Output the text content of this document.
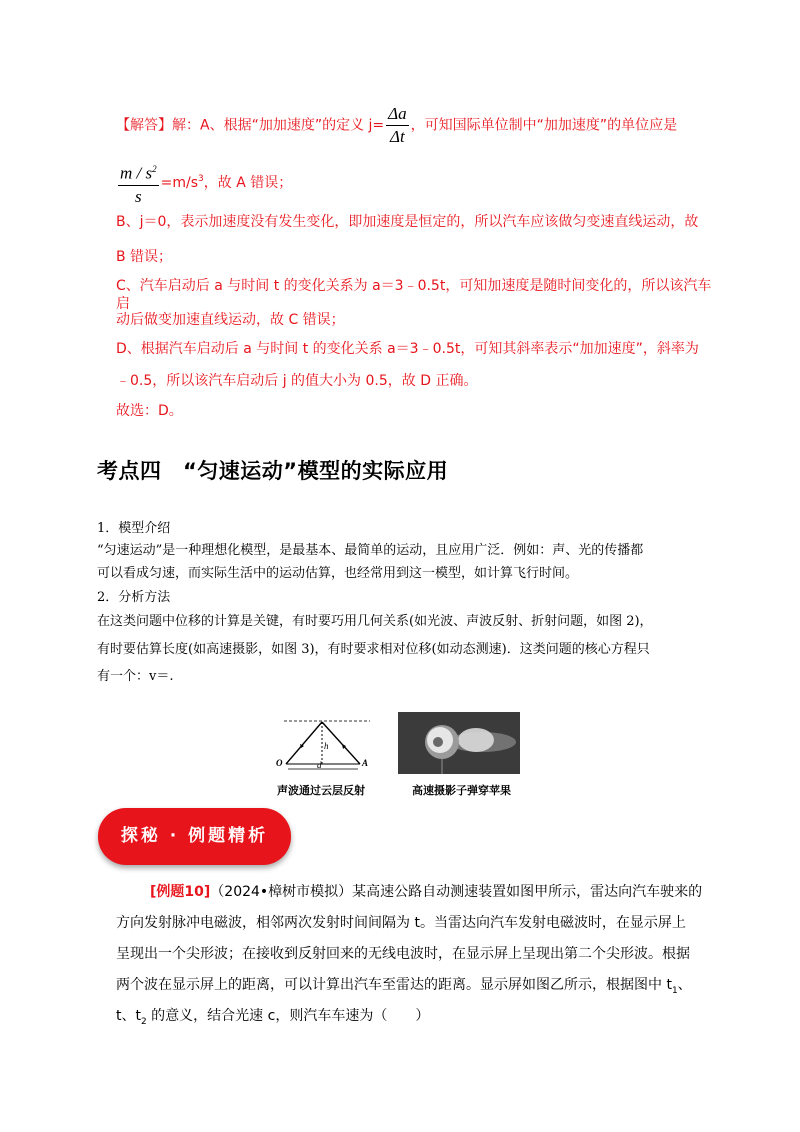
【解答】解：A、根据“加加速度”的定义 $j= \frac{\Delta a}{\Delta t}$ ，可知国际单位制中“加加速度”的单位应是
$\frac{m / s^2}{s} =m/s^3$，故 A 错误；
B、j＝0，表示加速度没有发生变化，即加速度是恒定的，所以汽车应该做匀变速直线运动，故
B 错误；
C、汽车启动后 a 与时间 t 的变化关系为 a＝3﹣0.5t，可知加速度是随时间变化的，所以该汽车启
动后做变加速直线运动，故 C 错误；
D、根据汽车启动后 a 与时间 t 的变化关系 a＝3﹣0.5t，可知其斜率表示“加加速度”，斜率为
﹣0.5，所以该汽车启动后 j 的值大小为 0.5，故 D 正确。
故选：D。
考点四　“匀速运动”模型的实际应用
1．模型介绍
“匀速运动”是一种理想化模型，是最基本、最简单的运动，且应用广泛．例如：声、光的传播都
可以看成匀速，而实际生活中的运动估算，也经常用到这一模型，如计算飞行时间。
2．分析方法
在这类问题中位移的计算是关键，有时要巧用几何关系(如光波、声波反射、折射问题，如图 2)，
有时要估算长度(如高速摄影，如图 3)，有时要求相对位移(如动态测速)．这类问题的核心方程只
有一个：v＝.
h
d
O	A
声波通过云层反射	高速摄影子弹穿苹果
探秘 · 例题精析
[例题10]（2024•樟树市模拟）某高速公路自动测速装置如图甲所示，雷达向汽车驶来的
方向发射脉冲电磁波，相邻两次发射时间间隔为 t。当雷达向汽车发射电磁波时，在显示屏上
呈现出一个尖形波；在接收到反射回来的无线电波时，在显示屏上呈现出第二个尖形波。根据
两个波在显示屏上的距离，可以计算出汽车至雷达的距离。显示屏如图乙所示，根据图中 $t_1$、
t、$t_2$ 的意义，结合光速 c，则汽车车速为（　　）
